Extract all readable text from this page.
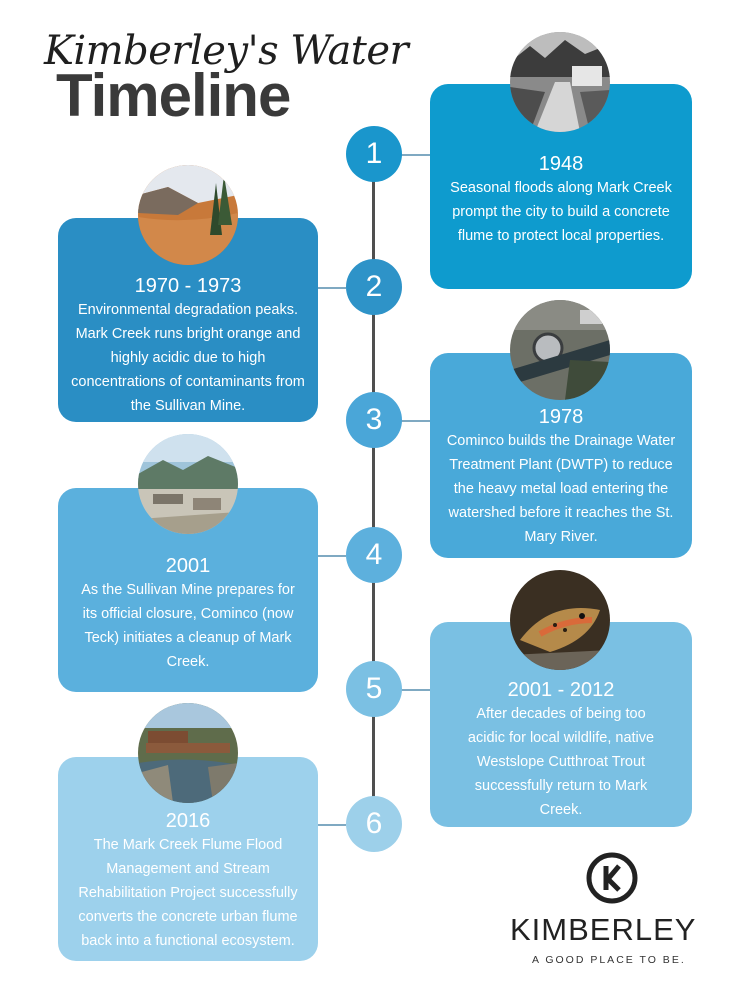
Kimberley's Water
Timeline
1
2
3
4
5
6
1948
Seasonal floods along Mark Creek prompt the city to build a concrete flume to protect local properties.
1970 - 1973
Environmental degradation peaks. Mark Creek runs bright orange and highly acidic due to high concentrations of contaminants from the Sullivan Mine.	1978
Cominco builds the Drainage Water Treatment Plant (DWTP) to reduce the heavy metal load entering the watershed before it reaches the St. Mary River.
2001
As the Sullivan Mine prepares for its official closure, Cominco (now Teck) initiates a cleanup of Mark Creek.
2001 - 2012
After decades of being too acidic for local wildlife, native Westslope Cutthroat Trout successfully return to Mark Creek.
2016
The Mark Creek Flume Flood Management and Stream Rehabilitation Project successfully converts the concrete urban flume back into a functional ecosystem.	KIMBERLEY
A GOOD PLACE TO BE.
